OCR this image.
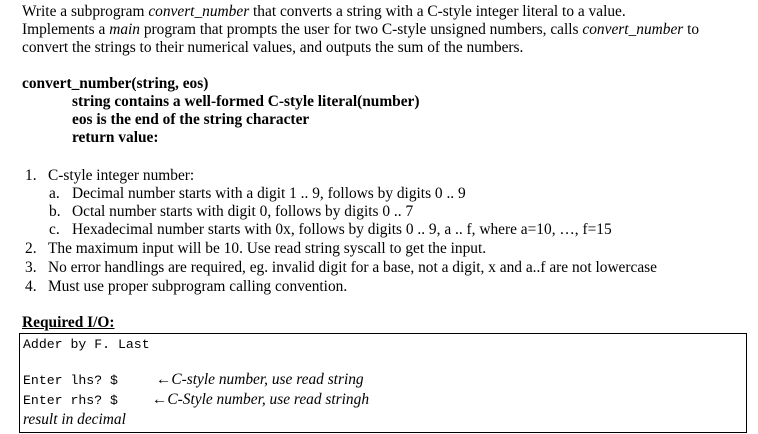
Write a subprogram convert_number that converts a string with a C-style integer literal to a value.
Implements a main program that prompts the user for two C-style unsigned numbers, calls convert_number to
convert the strings to their numerical values, and outputs the sum of the numbers.
convert_number(string, eos)
string contains a well-formed C-style literal(number)
eos is the end of the string character
return value:
1. C-style integer number:
a. Decimal number starts with a digit 1 .. 9, follows by digits 0 .. 9
b. Octal number starts with digit 0, follows by digits 0 .. 7
c. Hexadecimal number starts with 0x, follows by digits 0 .. 9, a .. f, where a=10, …, f=15
2. The maximum input will be 10. Use read string syscall to get the input.
3. No error handlings are required, eg. invalid digit for a base, not a digit, x and a..f are not lowercase
4. Must use proper subprogram calling convention.
Required I/O:
Adder by F. Last
Enter lhs? $ ←C-style number, use read string
Enter rhs? $ ←C-Style number, use read stringh
result in decimal
